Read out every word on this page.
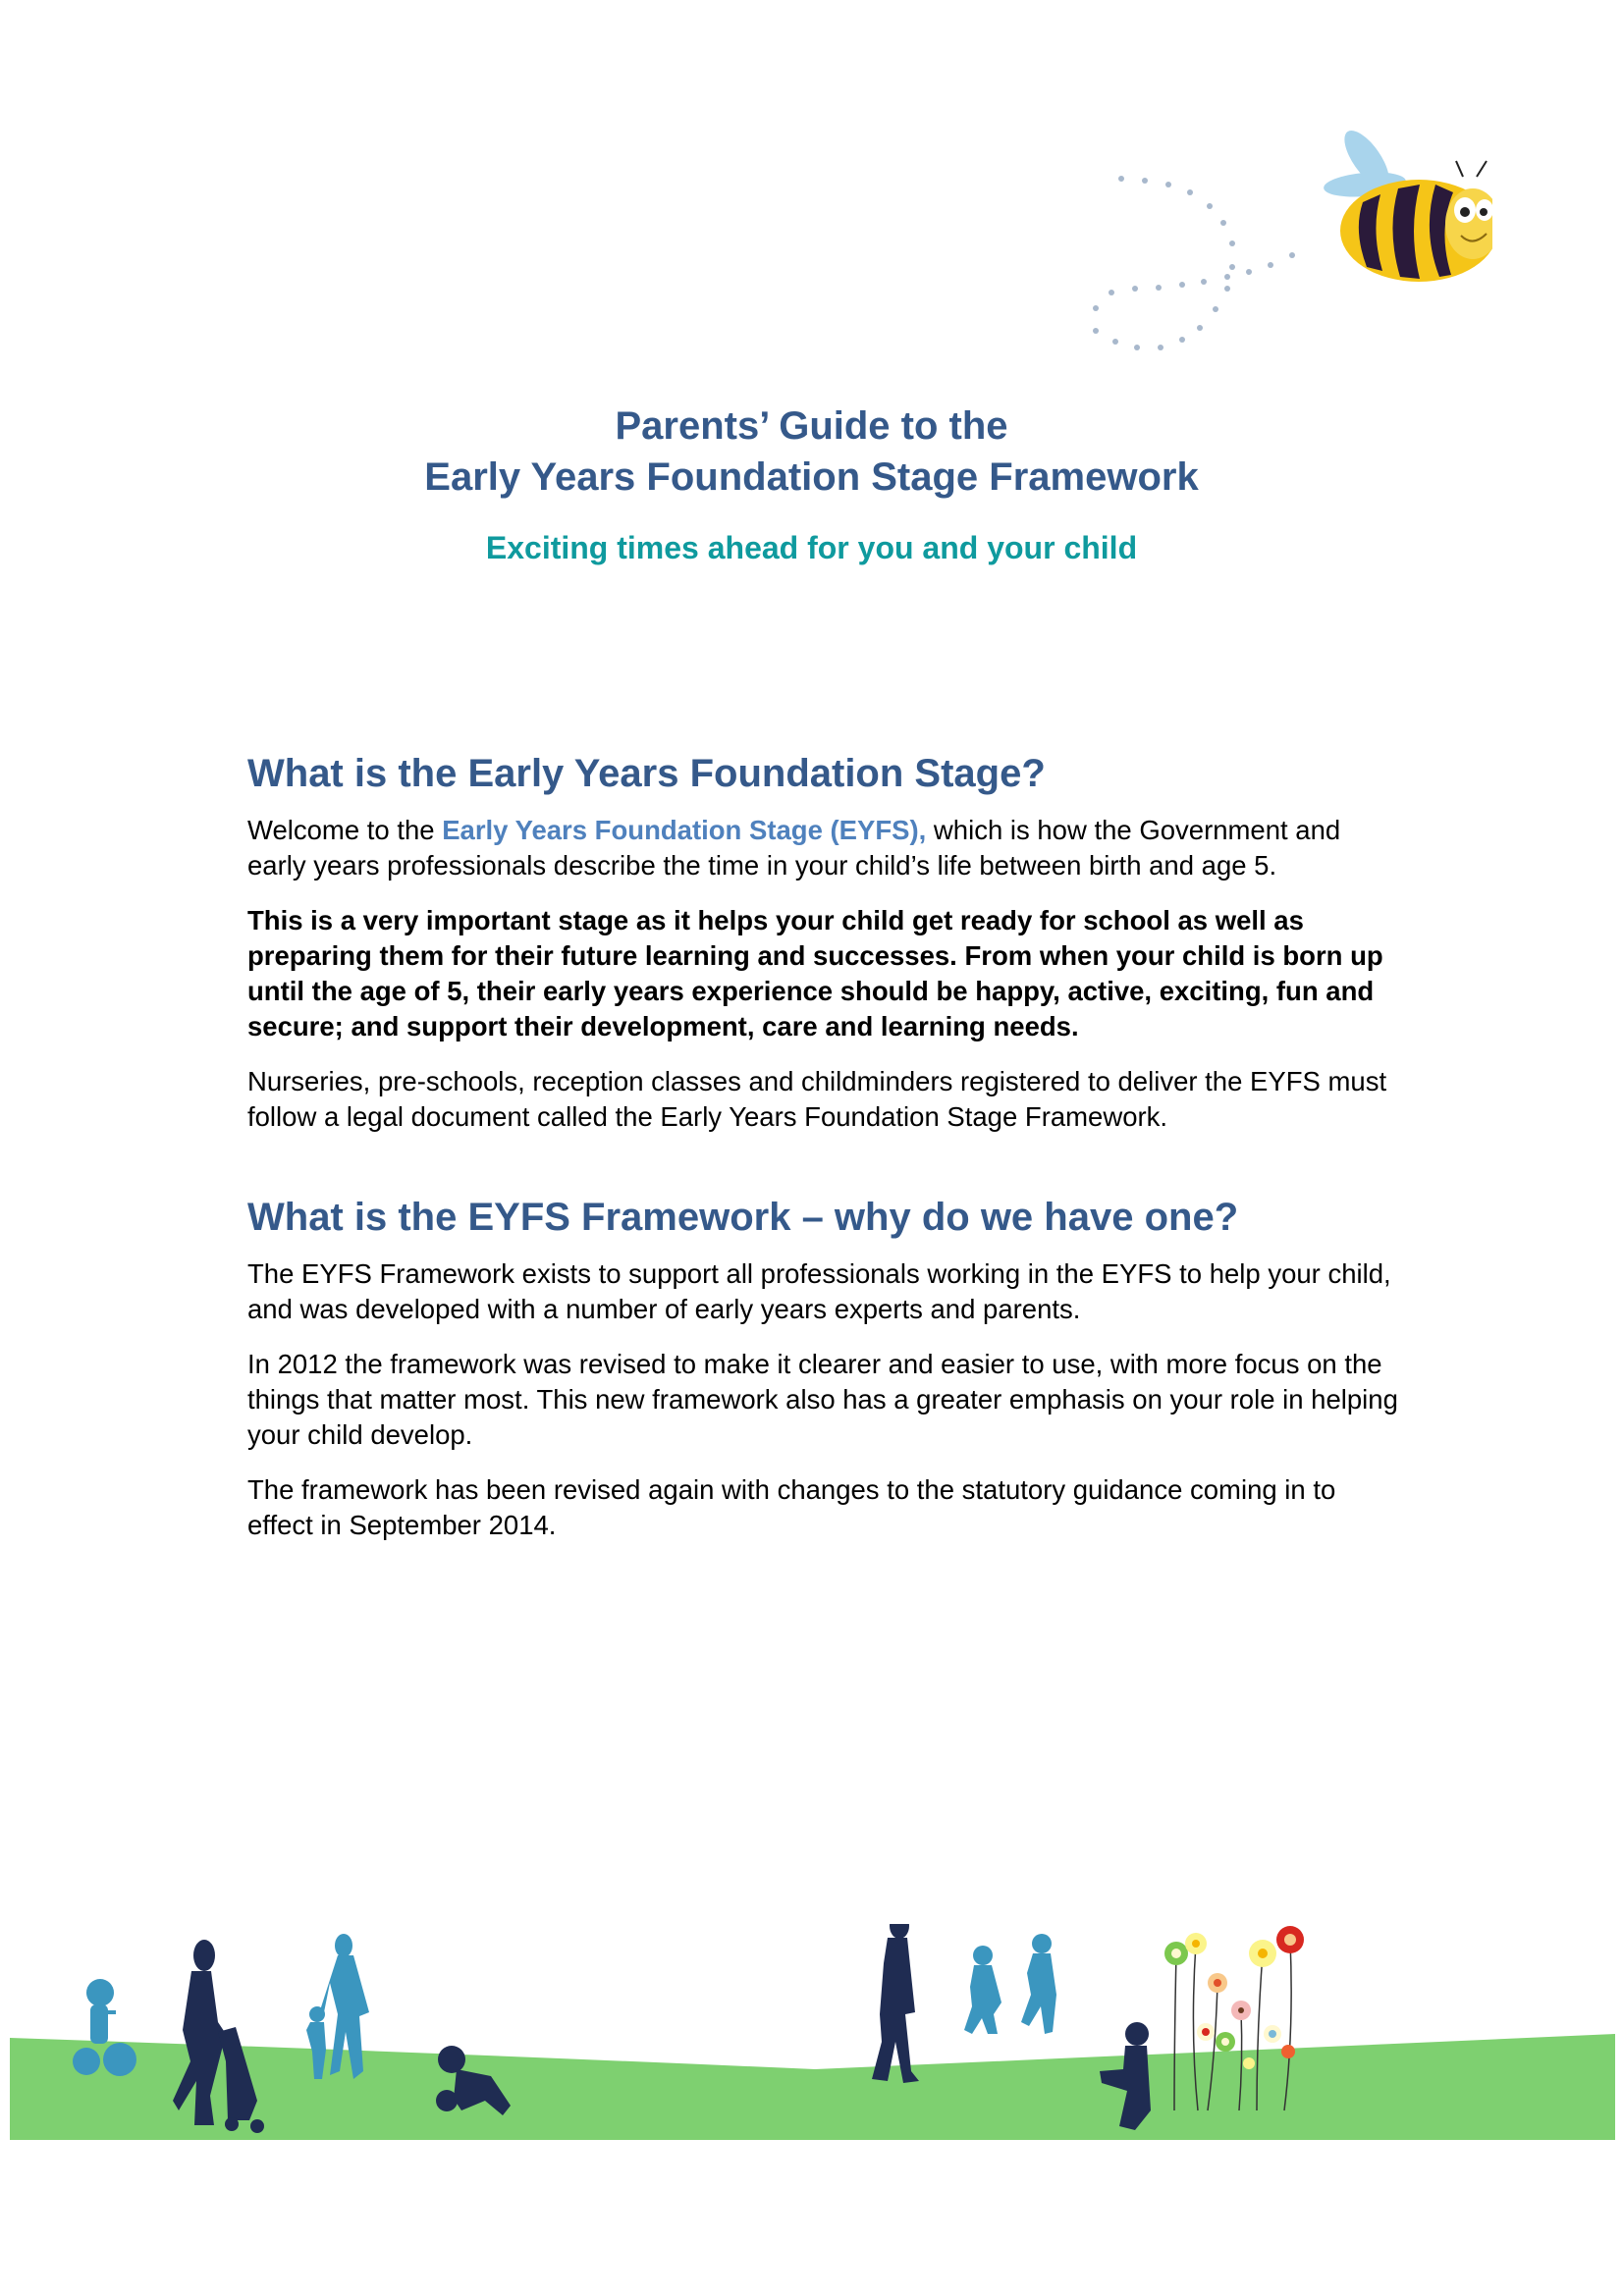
Parents’ Guide to the
Early Years Foundation Stage Framework
Exciting times ahead for you and your child
What is the Early Years Foundation Stage?

Welcome to the Early Years Foundation Stage (EYFS), which is how the Government and early years professionals describe the time in your child’s life between birth and age 5.

This is a very important stage as it helps your child get ready for school as well as preparing them for their future learning and successes. From when your child is born up until the age of 5, their early years experience should be happy, active, exciting, fun and secure; and support their development, care and learning needs.

Nurseries, pre-schools, reception classes and childminders registered to deliver the EYFS must follow a legal document called the Early Years Foundation Stage Framework.

What is the EYFS Framework – why do we have one?

The EYFS Framework exists to support all professionals working in the EYFS to help your child, and was developed with a number of early years experts and parents.

In 2012 the framework was revised to make it clearer and easier to use, with more focus on the things that matter most. This new framework also has a greater emphasis on your role in helping your child develop.

The framework has been revised again with changes to the statutory guidance coming in to effect in September 2014.
